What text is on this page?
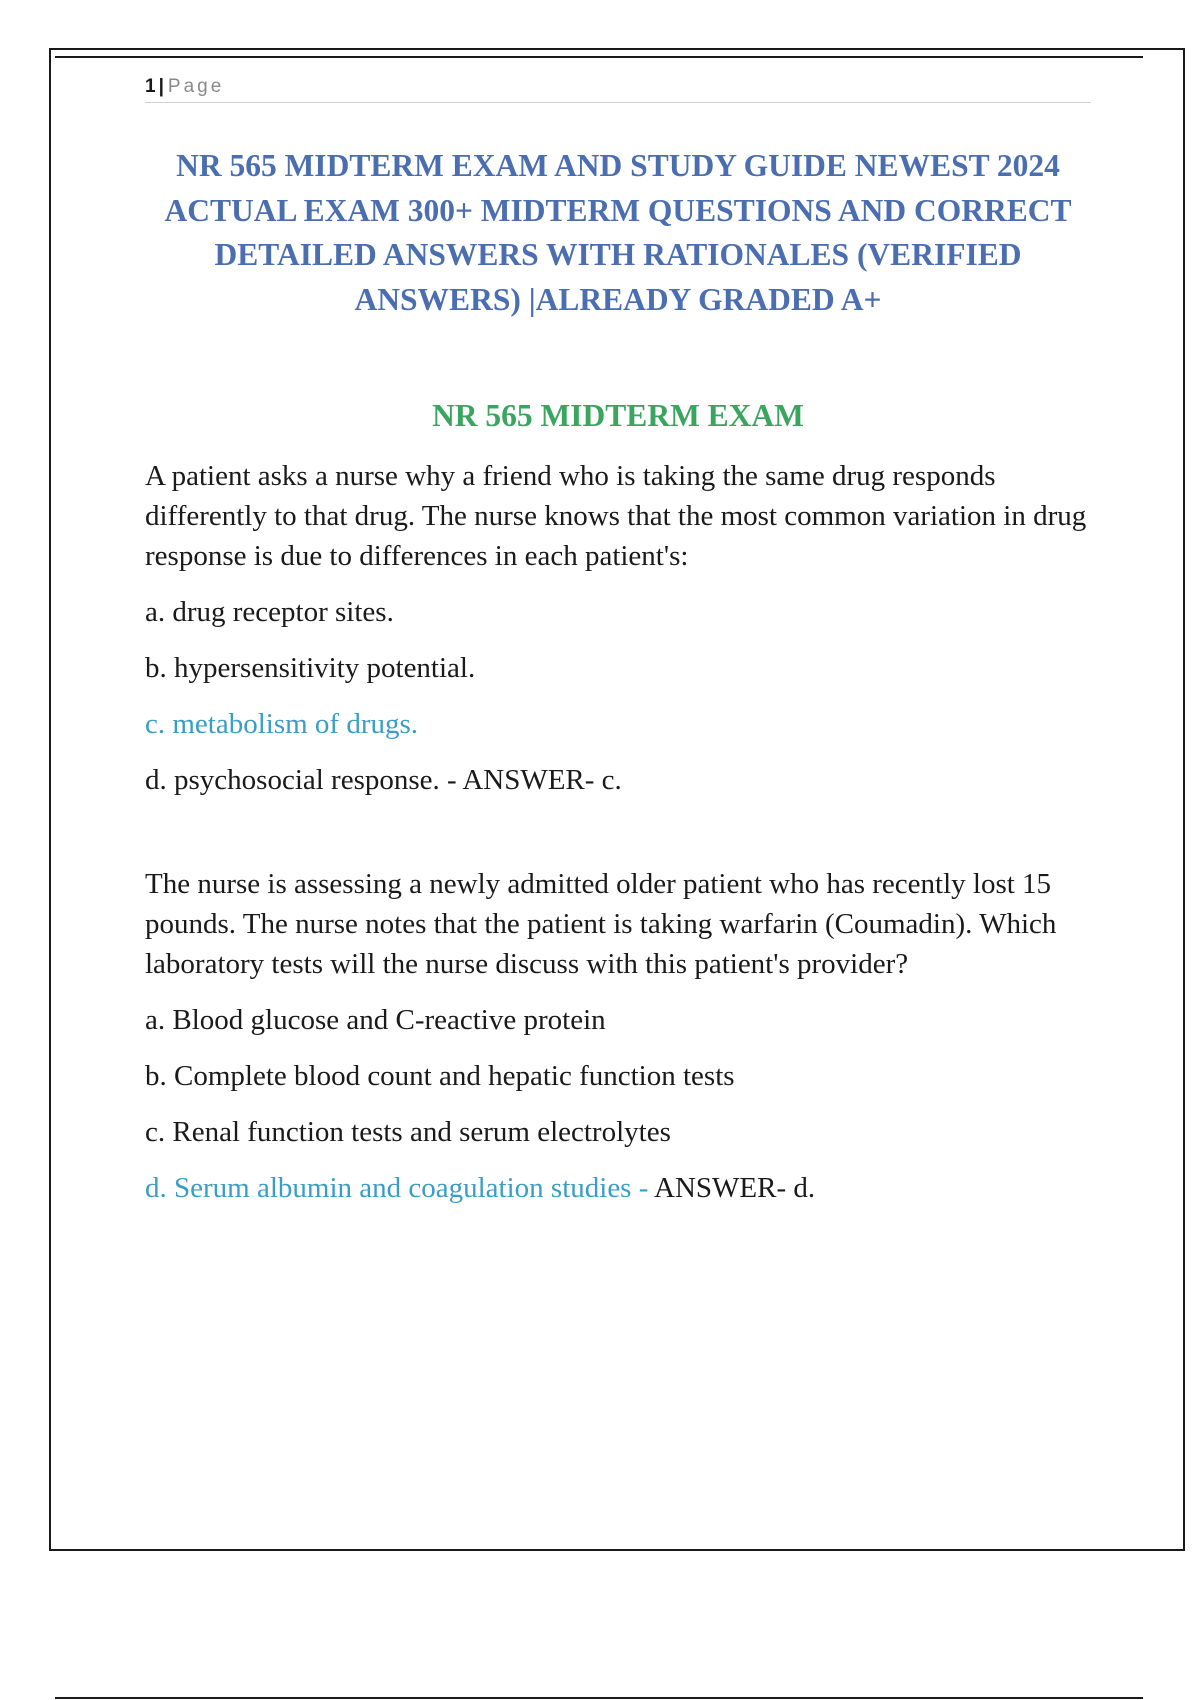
1 | Page
NR 565 MIDTERM EXAM AND STUDY GUIDE NEWEST 2024
ACTUAL EXAM 300+ MIDTERM QUESTIONS AND CORRECT
DETAILED ANSWERS WITH RATIONALES (VERIFIED
ANSWERS) |ALREADY GRADED A+
NR 565 MIDTERM EXAM

A patient asks a nurse why a friend who is taking the same drug responds differently to that drug. The nurse knows that the most common variation in drug response is due to differences in each patient's:

a. drug receptor sites.

b. hypersensitivity potential.

c. metabolism of drugs.

d. psychosocial response. - ANSWER- c.

The nurse is assessing a newly admitted older patient who has recently lost 15 pounds. The nurse notes that the patient is taking warfarin (Coumadin). Which laboratory tests will the nurse discuss with this patient's provider?

a. Blood glucose and C-reactive protein

b. Complete blood count and hepatic function tests

c. Renal function tests and serum electrolytes

d. Serum albumin and coagulation studies - ANSWER- d.
